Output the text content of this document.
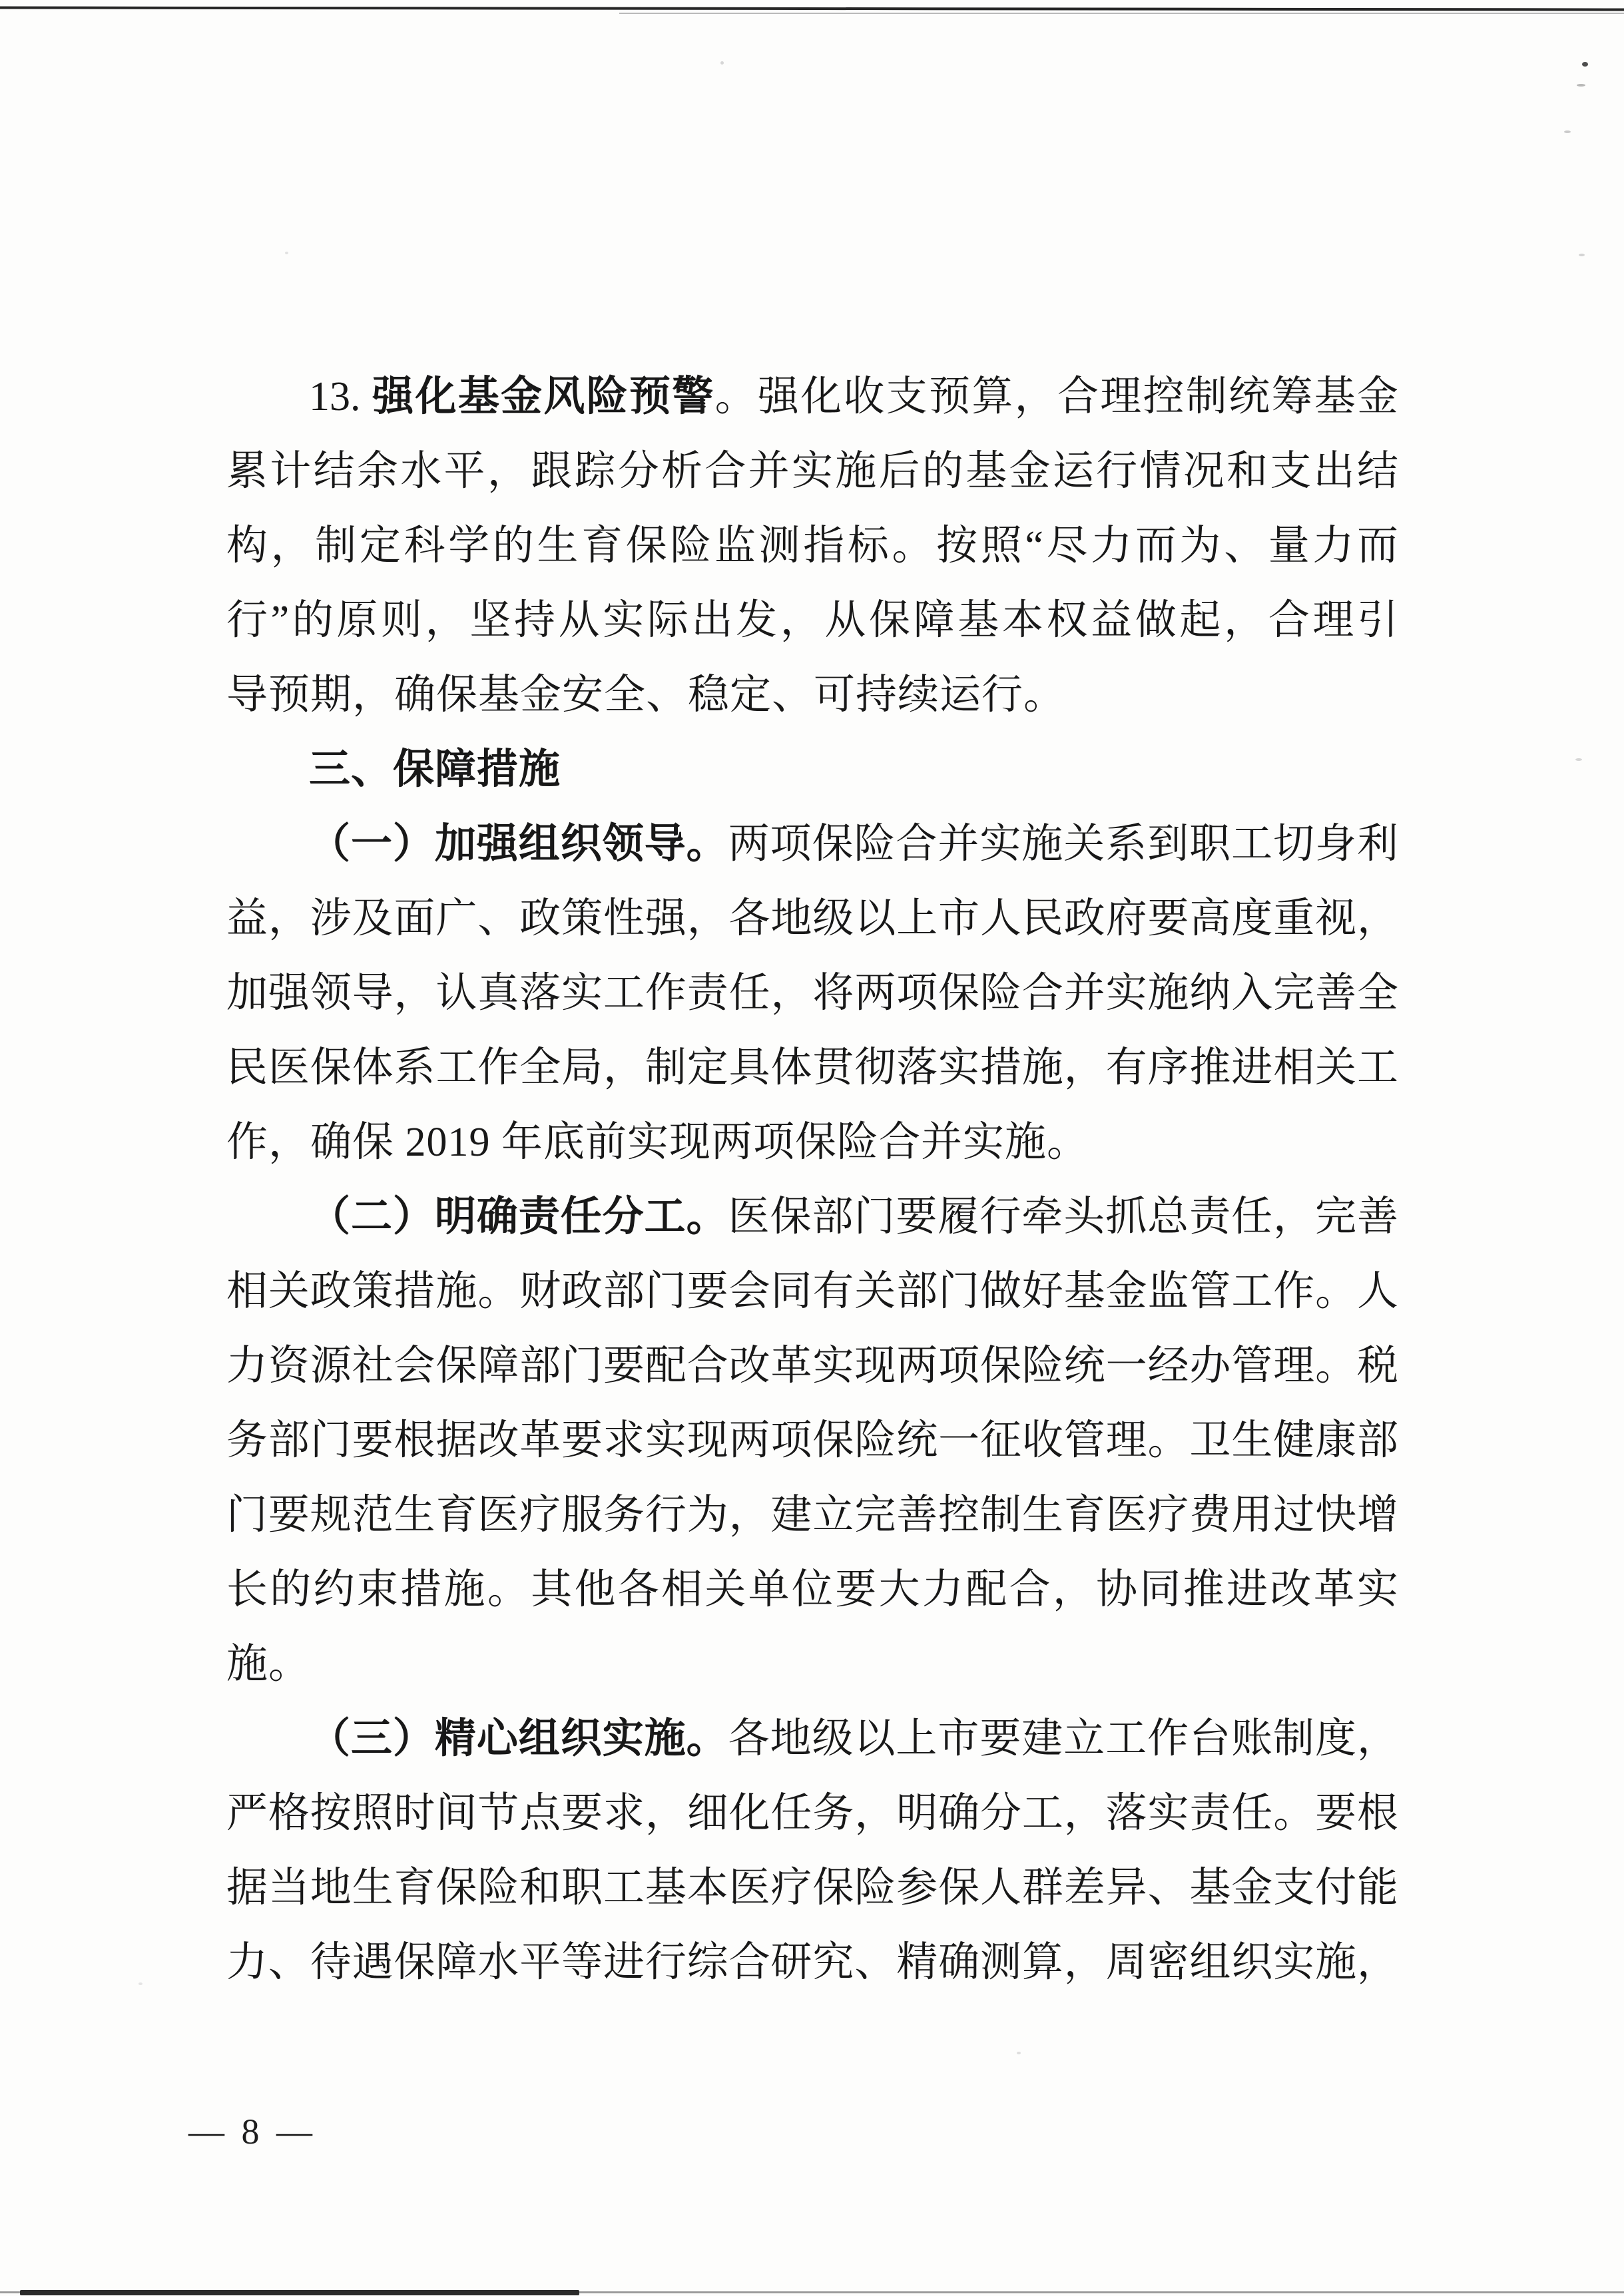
13. 强化基金风险预警。强化收支预算，合理控制统筹基金
累计结余水平，跟踪分析合并实施后的基金运行情况和支出结
构，制定科学的生育保险监测指标。按照“尽力而为、量力而
行”的原则，坚持从实际出发，从保障基本权益做起，合理引
导预期，确保基金安全、稳定、可持续运行。
三、保障措施
（一）加强组织领导。两项保险合并实施关系到职工切身利
益，涉及面广、政策性强，各地级以上市人民政府要高度重视，
加强领导，认真落实工作责任，将两项保险合并实施纳入完善全
民医保体系工作全局，制定具体贯彻落实措施，有序推进相关工
作，确保 2019 年底前实现两项保险合并实施。
（二）明确责任分工。医保部门要履行牵头抓总责任，完善
相关政策措施。财政部门要会同有关部门做好基金监管工作。人
力资源社会保障部门要配合改革实现两项保险统一经办管理。税
务部门要根据改革要求实现两项保险统一征收管理。卫生健康部
门要规范生育医疗服务行为，建立完善控制生育医疗费用过快增
长的约束措施。其他各相关单位要大力配合，协同推进改革实
施。
（三）精心组织实施。各地级以上市要建立工作台账制度，
严格按照时间节点要求，细化任务，明确分工，落实责任。要根
据当地生育保险和职工基本医疗保险参保人群差异、基金支付能
力、待遇保障水平等进行综合研究、精确测算，周密组织实施，
— 8 —
